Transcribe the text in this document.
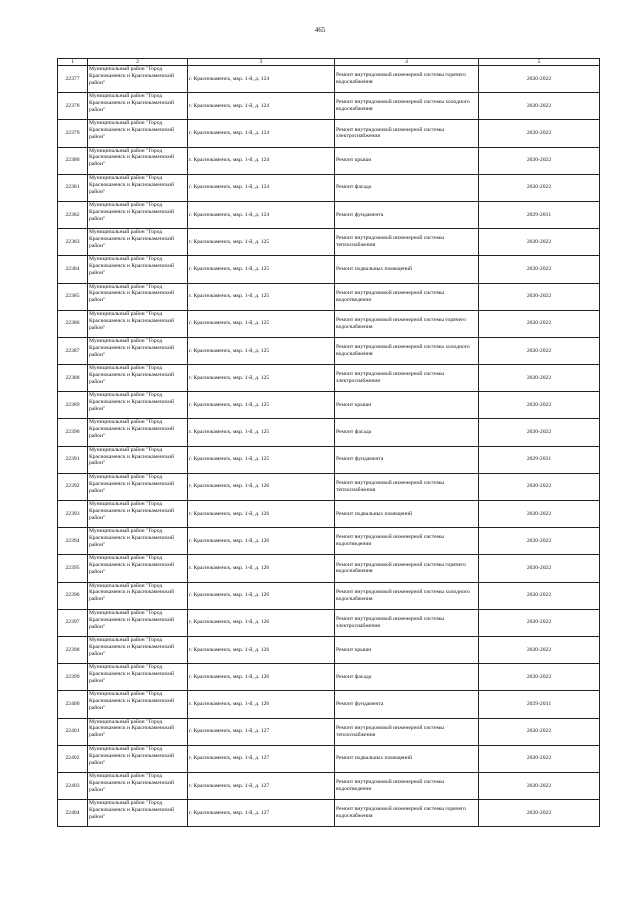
465
1	2	3	4	5
22377	Муниципальный район "Город Краснокаменск и Краснокаменский район"	г. Краснокаменск, мкр. 1-й, д. 124	Ремонт внутридомовой инженерной системы горячего водоснабжения	2020-2022
22378	Муниципальный район "Город Краснокаменск и Краснокаменский район"	г. Краснокаменск, мкр. 1-й, д. 124	Ремонт внутридомовой инженерной системы холодного водоснабжения	2020-2022
22379	Муниципальный район "Город Краснокаменск и Краснокаменский район"	г. Краснокаменск, мкр. 1-й, д. 124	Ремонт внутридомовой инженерной системы электроснабжения	2020-2022
22380	Муниципальный район "Город Краснокаменск и Краснокаменский район"	г. Краснокаменск, мкр. 1-й, д. 124	Ремонт крыши	2020-2022
22381	Муниципальный район "Город Краснокаменск и Краснокаменский район"	г. Краснокаменск, мкр. 1-й, д. 124	Ремонт фасада	2020-2022
22382	Муниципальный район "Город Краснокаменск и Краснокаменский район"	г. Краснокаменск, мкр. 1-й, д. 124	Ремонт фундамента	2029-2031
22383	Муниципальный район "Город Краснокаменск и Краснокаменский район"	г. Краснокаменск, мкр. 1-й, д. 125	Ремонт внутридомовой инженерной системы теплоснабжения	2020-2022
22384	Муниципальный район "Город Краснокаменск и Краснокаменский район"	г. Краснокаменск, мкр. 1-й, д. 125	Ремонт подвальных помещений	2020-2022
22385	Муниципальный район "Город Краснокаменск и Краснокаменский район"	г. Краснокаменск, мкр. 1-й, д. 125	Ремонт внутридомовой инженерной системы водоотведения	2020-2022
22386	Муниципальный район "Город Краснокаменск и Краснокаменский район"	г. Краснокаменск, мкр. 1-й, д. 125	Ремонт внутридомовой инженерной системы горячего водоснабжения	2020-2022
22387	Муниципальный район "Город Краснокаменск и Краснокаменский район"	г. Краснокаменск, мкр. 1-й, д. 125	Ремонт внутридомовой инженерной системы холодного водоснабжения	2020-2022
22388	Муниципальный район "Город Краснокаменск и Краснокаменский район"	г. Краснокаменск, мкр. 1-й, д. 125	Ремонт внутридомовой инженерной системы электроснабжения	2020-2022
22389	Муниципальный район "Город Краснокаменск и Краснокаменский район"	г. Краснокаменск, мкр. 1-й, д. 125	Ремонт крыши	2020-2022
22390	Муниципальный район "Город Краснокаменск и Краснокаменский район"	г. Краснокаменск, мкр. 1-й, д. 125	Ремонт фасада	2020-2022
22391	Муниципальный район "Город Краснокаменск и Краснокаменский район"	г. Краснокаменск, мкр. 1-й, д. 125	Ремонт фундамента	2029-2031
22392	Муниципальный район "Город Краснокаменск и Краснокаменский район"	г. Краснокаменск, мкр. 1-й, д. 126	Ремонт внутридомовой инженерной системы теплоснабжения	2020-2022
22393	Муниципальный район "Город Краснокаменск и Краснокаменский район"	г. Краснокаменск, мкр. 1-й, д. 126	Ремонт подвальных помещений	2020-2022
22394	Муниципальный район "Город Краснокаменск и Краснокаменский район"	г. Краснокаменск, мкр. 1-й, д. 126	Ремонт внутридомовой инженерной системы водоотведения	2020-2022
22395	Муниципальный район "Город Краснокаменск и Краснокаменский район"	г. Краснокаменск, мкр. 1-й, д. 126	Ремонт внутридомовой инженерной системы горячего водоснабжения	2020-2022
22396	Муниципальный район "Город Краснокаменск и Краснокаменский район"	г. Краснокаменск, мкр. 1-й, д. 126	Ремонт внутридомовой инженерной системы холодного водоснабжения	2020-2022
22397	Муниципальный район "Город Краснокаменск и Краснокаменский район"	г. Краснокаменск, мкр. 1-й, д. 126	Ремонт внутридомовой инженерной системы электроснабжения	2020-2022
22398	Муниципальный район "Город Краснокаменск и Краснокаменский район"	г. Краснокаменск, мкр. 1-й, д. 126	Ремонт крыши	2020-2022
22399	Муниципальный район "Город Краснокаменск и Краснокаменский район"	г. Краснокаменск, мкр. 1-й, д. 126	Ремонт фасада	2020-2022
22400	Муниципальный район "Город Краснокаменск и Краснокаменский район"	г. Краснокаменск, мкр. 1-й, д. 126	Ремонт фундамента	2029-2031
22401	Муниципальный район "Город Краснокаменск и Краснокаменский район"	г. Краснокаменск, мкр. 1-й, д. 127	Ремонт внутридомовой инженерной системы теплоснабжения	2020-2022
22402	Муниципальный район "Город Краснокаменск и Краснокаменский район"	г. Краснокаменск, мкр. 1-й, д. 127	Ремонт подвальных помещений	2020-2022
22403	Муниципальный район "Город Краснокаменск и Краснокаменский район"	г. Краснокаменск, мкр. 1-й, д. 127	Ремонт внутридомовой инженерной системы водоотведения	2020-2022
22404	Муниципальный район "Город Краснокаменск и Краснокаменский район"	г. Краснокаменск, мкр. 1-й, д. 127	Ремонт внутридомовой инженерной системы горячего водоснабжения	2020-2022
